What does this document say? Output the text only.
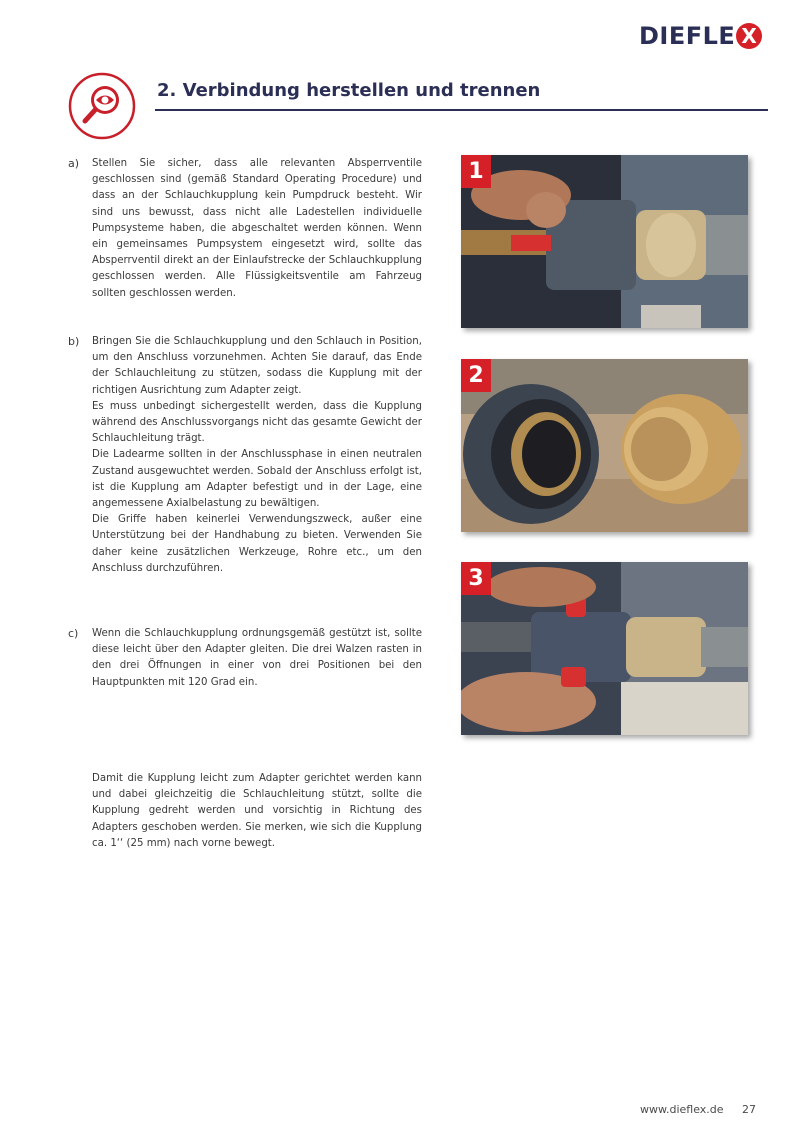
DIEFLE X
2. Verbindung herstellen und trennen
a) Stellen Sie sicher, dass alle relevanten Absperrventile geschlossen sind (gemäß Standard Operating Procedure) und dass an der Schlauchkupplung kein Pumpdruck besteht. Wir sind uns bewusst, dass nicht alle Ladestellen individuelle Pumpsysteme haben, die abgeschaltet werden können. Wenn ein gemeinsames Pumpsystem eingesetzt wird, sollte das Absperrventil direkt an der Einlaufstrecke der Schlauchkupplung geschlossen werden. Alle Flüssigkeitsventile am Fahrzeug sollten geschlossen werden.

b) Bringen Sie die Schlauchkupplung und den Schlauch in Position, um den Anschluss vorzunehmen. Achten Sie darauf, das Ende der Schlauchleitung zu stützen, sodass die Kupplung mit der richtigen Ausrichtung zum Adapter zeigt.

Es muss unbedingt sichergestellt werden, dass die Kupplung während des Anschlussvorgangs nicht das gesamte Gewicht der Schlauchleitung trägt.

Die Ladearme sollten in der Anschlussphase in einen neutralen Zustand ausgewuchtet werden. Sobald der Anschluss erfolgt ist, ist die Kupplung am Adapter befestigt und in der Lage, eine angemessene Axialbelastung zu bewältigen.

Die Griffe haben keinerlei Verwendungszweck, außer eine Unterstützung bei der Handhabung zu bieten. Verwenden Sie daher keine zusätzlichen Werkzeuge, Rohre etc., um den Anschluss durchzuführen.

c) Wenn die Schlauchkupplung ordnungsgemäß gestützt ist, sollte diese leicht über den Adapter gleiten. Die drei Walzen rasten in den drei Öffnungen in einer von drei Positionen bei den Hauptpunkten mit 120 Grad ein.

Damit die Kupplung leicht zum Adapter gerichtet werden kann und dabei gleichzeitig die Schlauchleitung stützt, sollte die Kupplung gedreht werden und vorsichtig in Richtung des Adapters geschoben werden. Sie merken, wie sich die Kupplung ca. 1‘‘ (25 mm) nach vorne bewegt.

1
2
3
www.dieflex.de 27
